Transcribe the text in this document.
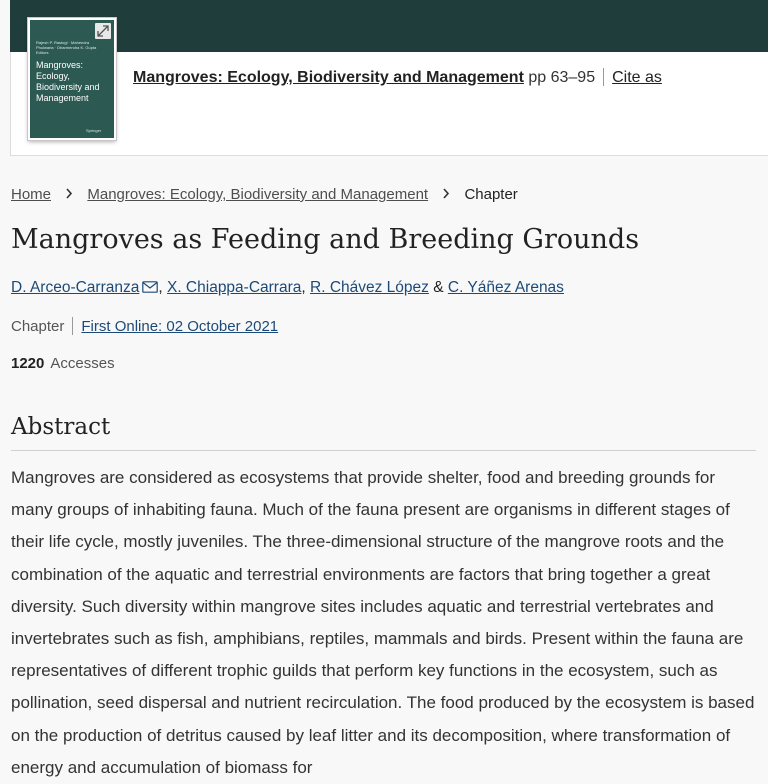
Rajesh P. Rastogi · Mahendra Phulwaria · Dharmendra K. Gupta Editors
Mangroves: Ecology, Biodiversity and Management
Springer
Mangroves: Ecology, Biodiversity and Management pp 63–95 Cite as
Home Mangroves: Ecology, Biodiversity and Management Chapter
Mangroves as Feeding and Breeding Grounds
D. Arceo-Carranza , X. Chiappa-Carrara, R. Chávez López & C. Yáñez Arenas
Chapter First Online: 02 October 2021
1220 Accesses
Abstract

Mangroves are considered as ecosystems that provide shelter, food and breeding grounds for many groups of inhabiting fauna. Much of the fauna present are organisms in different stages of their life cycle, mostly juveniles. The three-dimensional structure of the mangrove roots and the combination of the aquatic and terrestrial environments are factors that bring together a great diversity. Such diversity within mangrove sites includes aquatic and terrestrial vertebrates and invertebrates such as fish, amphibians, reptiles, mammals and birds. Present within the fauna are representatives of different trophic guilds that perform key functions in the ecosystem, such as pollination, seed dispersal and nutrient recirculation. The food produced by the ecosystem is based on the production of detritus caused by leaf litter and its decomposition, where transformation of energy and accumulation of biomass for
